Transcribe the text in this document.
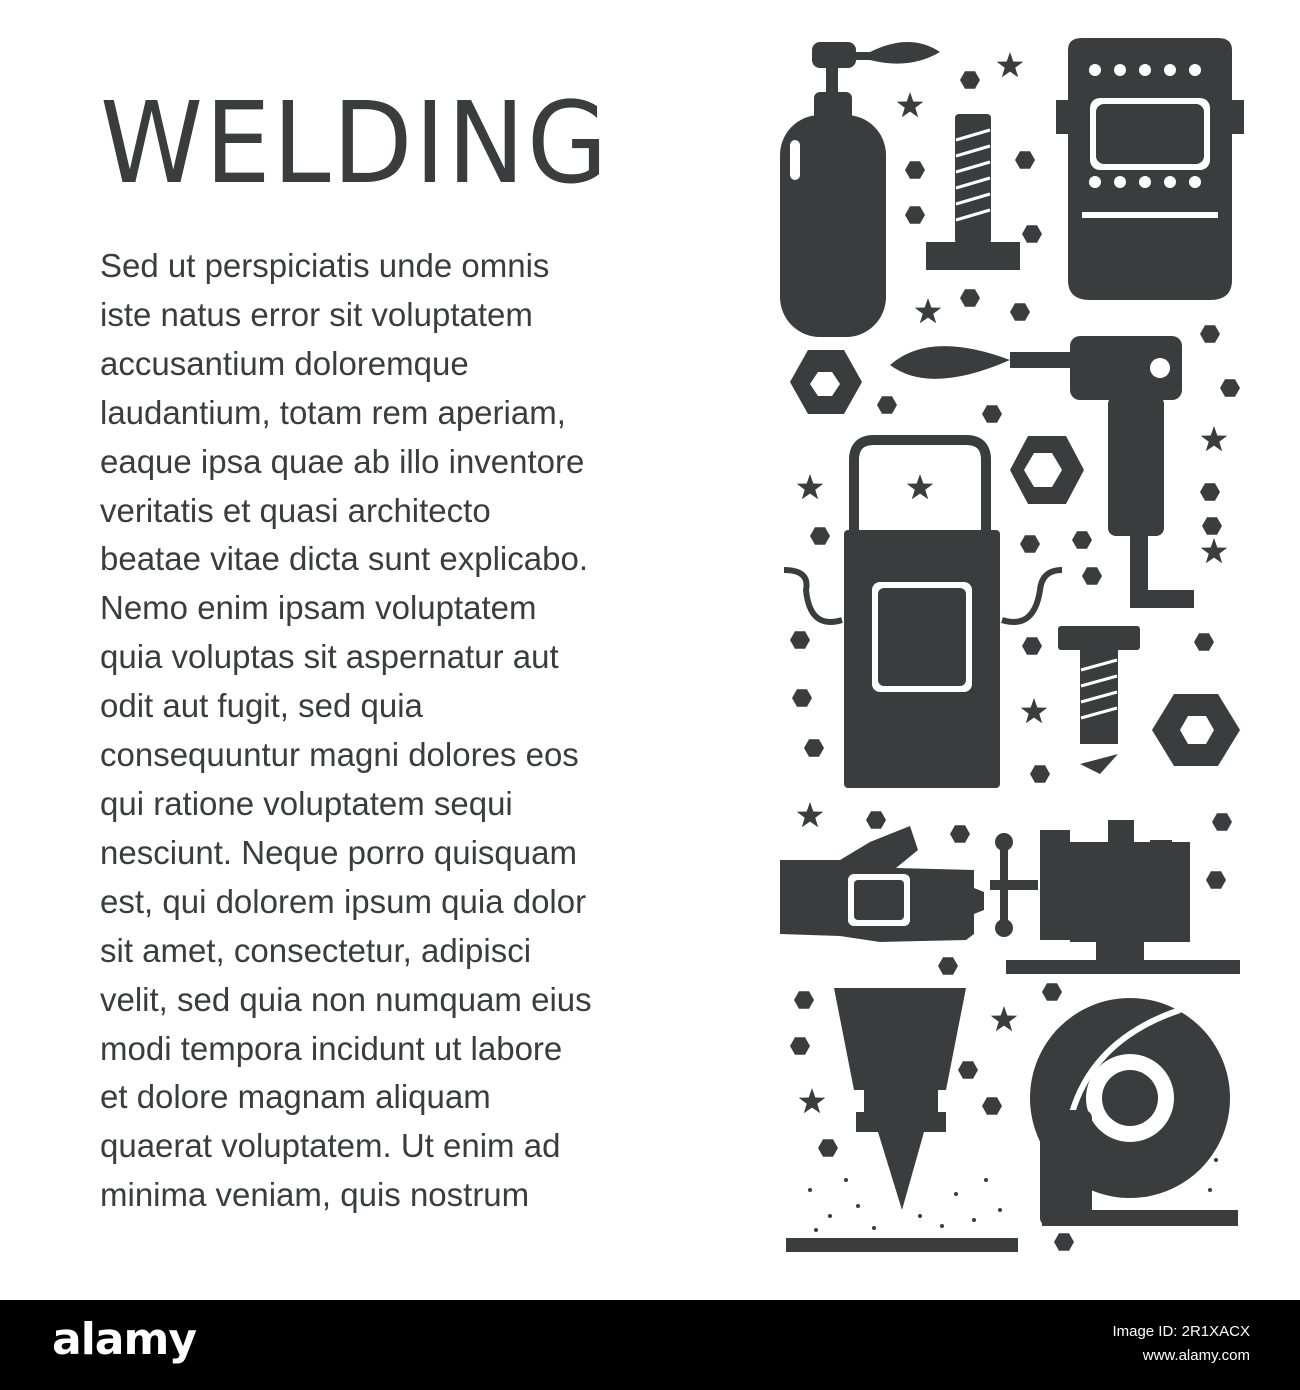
WELDING

Sed ut perspiciatis unde omnis
iste natus error sit voluptatem
accusantium doloremque
laudantium, totam rem aperiam,
eaque ipsa quae ab illo inventore
veritatis et quasi architecto
beatae vitae dicta sunt explicabo.
Nemo enim ipsam voluptatem
quia voluptas sit aspernatur aut
odit aut fugit, sed quia
consequuntur magni dolores eos
qui ratione voluptatem sequi
nesciunt. Neque porro quisquam
est, qui dolorem ipsum quia dolor
sit amet, consectetur, adipisci
velit, sed quia non numquam eius
modi tempora incidunt ut labore
et dolore magnam aliquam
quaerat voluptatem. Ut enim ad
minima veniam, quis nostrum

alamy	Image ID: 2R1XACX
www.alamy.com
